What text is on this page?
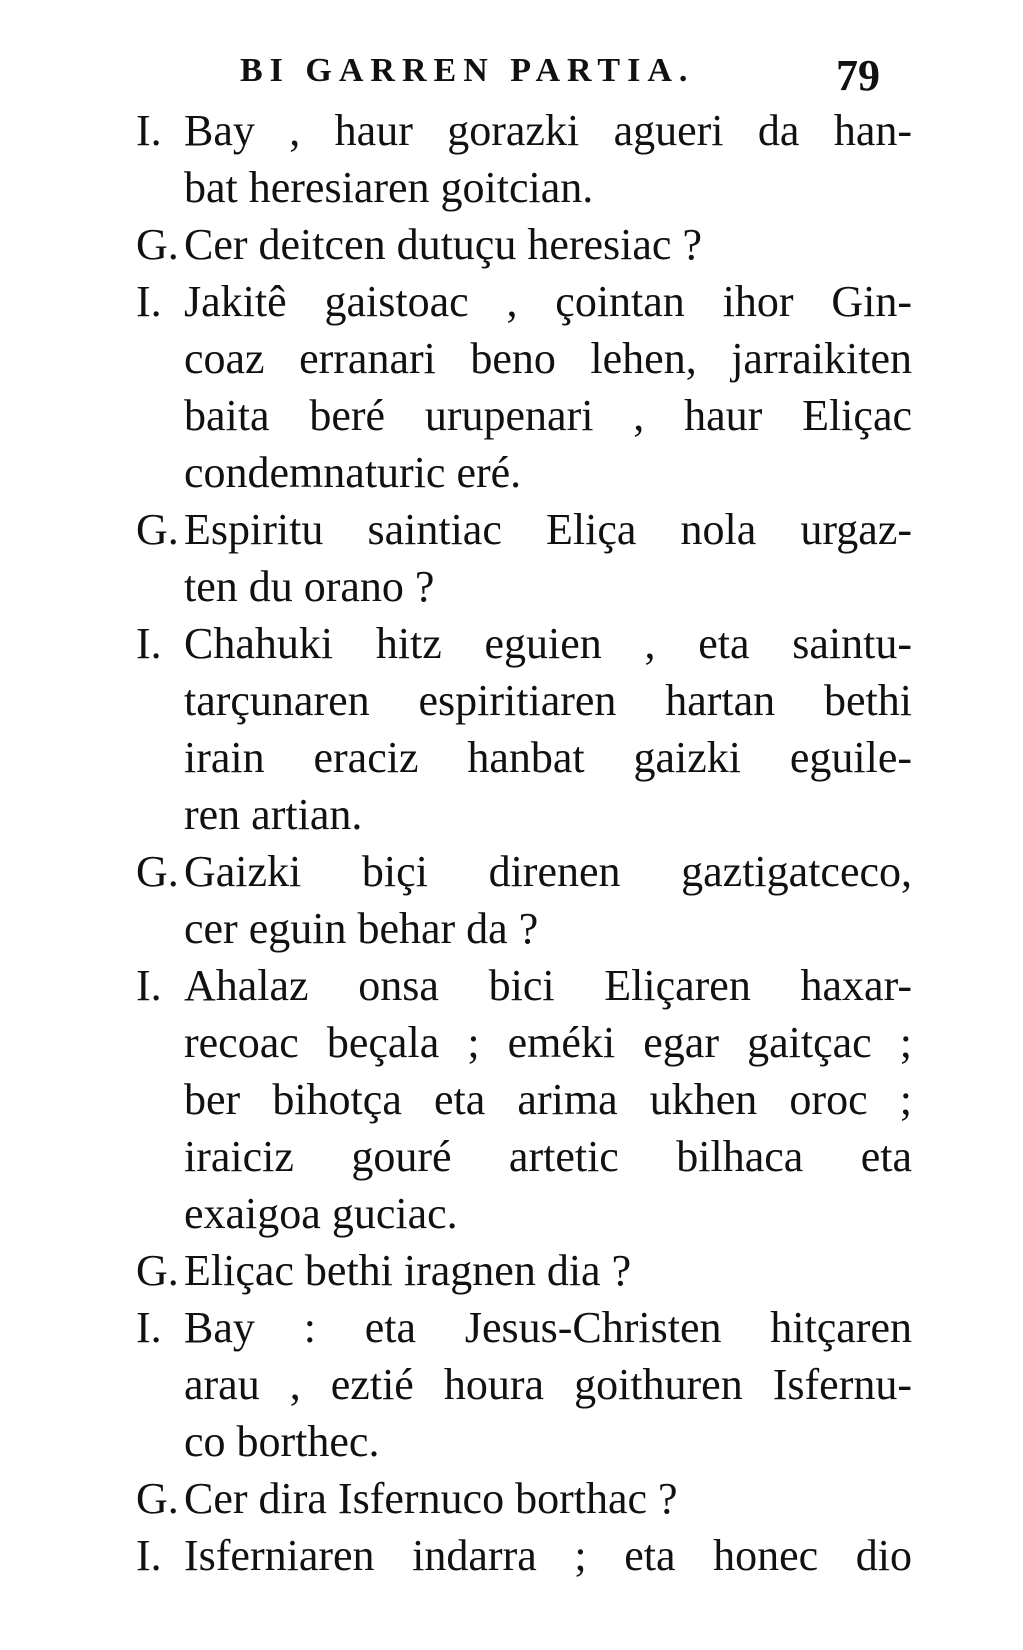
BI GARREN PARTIA.	79
I. Bay , haur gorazki agueri da han-
bat heresiaren goitcian.
G. Cer deitcen dutuçu heresiac ?
I. Jakitê gaistoac , çointan ihor Gin-
coaz erranari beno lehen, jarraikiten
baita beré urupenari , haur Eliçac
condemnaturic eré.
G. Espiritu saintiac Eliça nola urgaz-
ten du orano ?
I. Chahuki hitz eguien , eta saintu-
tarçunaren espiritiaren hartan bethi
irain eraciz hanbat gaizki eguile-
ren artian.
G. Gaizki biçi direnen gaztigatceco,
cer eguin behar da ?
I. Ahalaz onsa bici Eliçaren haxar-
recoac beçala ; eméki egar gaitçac ;
ber bihotça eta arima ukhen oroc ;
iraiciz gouré artetic bilhaca eta
exaigoa guciac.
G. Eliçac bethi iragnen dia ?
I. Bay : eta Jesus-Christen hitçaren
arau , eztié houra goithuren Isfernu-
co borthec.
G. Cer dira Isfernuco borthac ?
I. Isferniaren indarra ; eta honec dio
